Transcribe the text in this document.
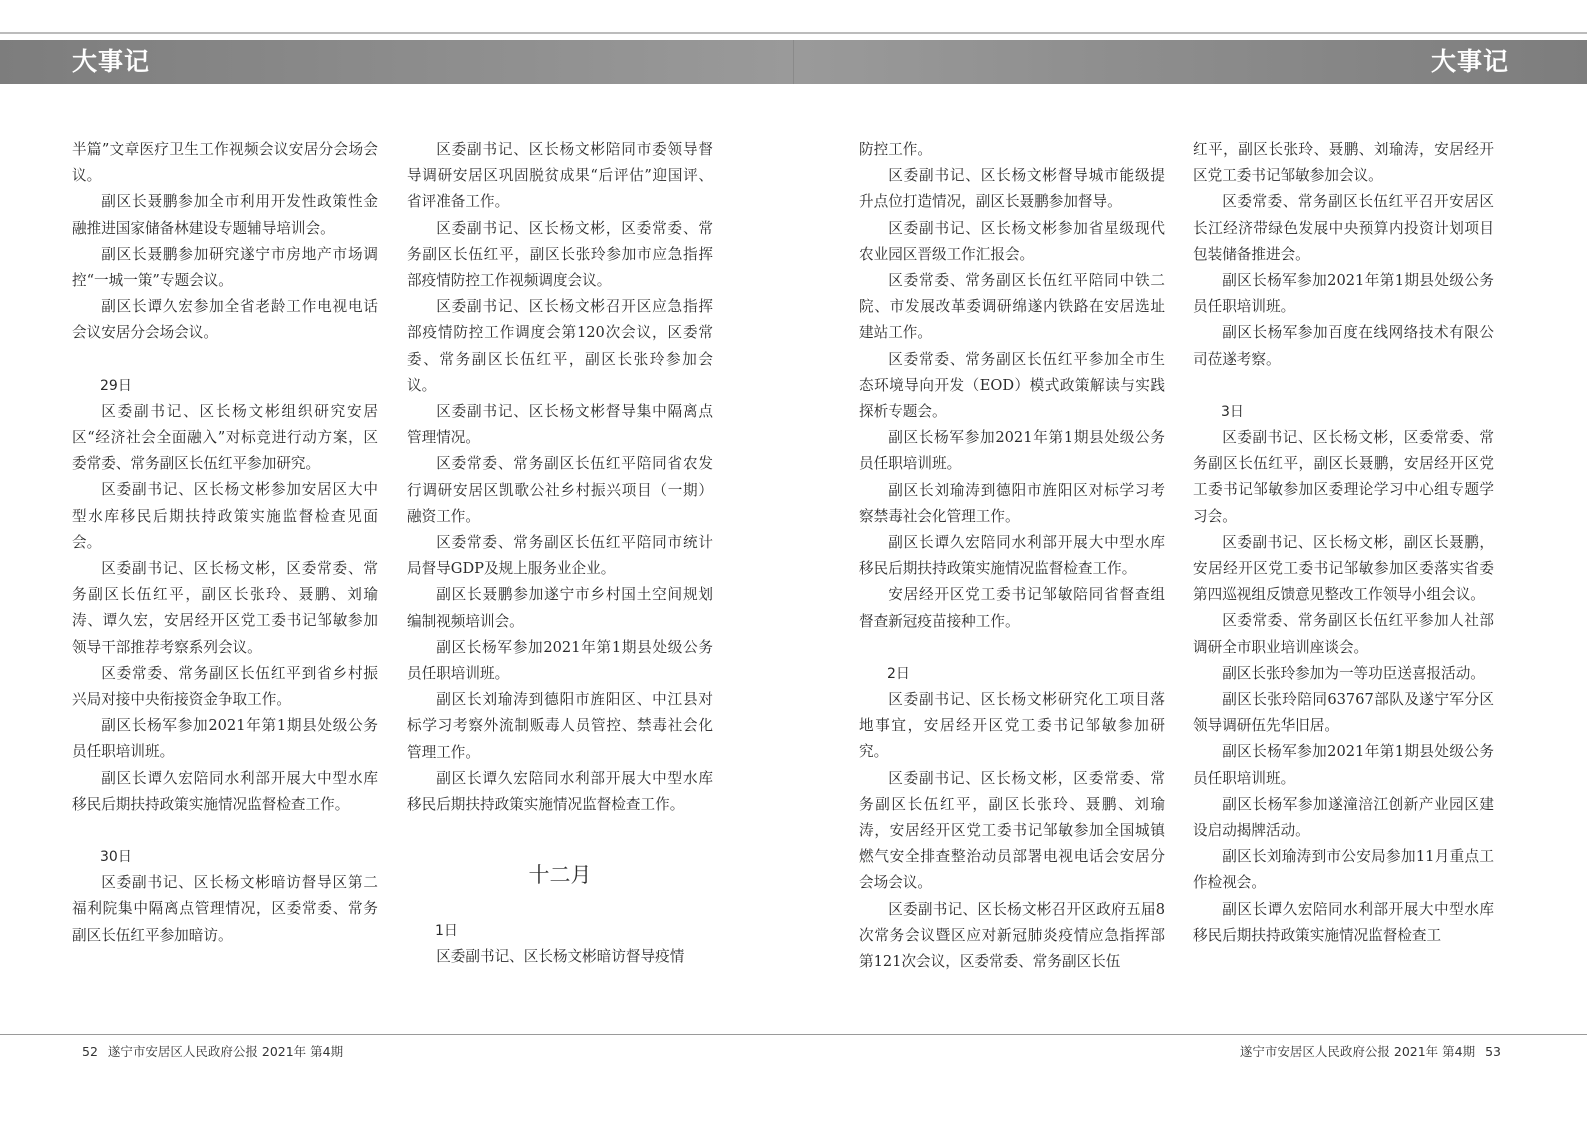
大事记	大事记

半篇”文章医疗卫生工作视频会议安居分会场会议。

副区长聂鹏参加全市利用开发性政策性金融推进国家储备林建设专题辅导培训会。

副区长聂鹏参加研究遂宁市房地产市场调控“一城一策”专题会议。

副区长谭久宏参加全省老龄工作电视电话会议安居分会场会议。

29日

区委副书记、区长杨文彬组织研究安居区“经济社会全面融入”对标竞进行动方案，区委常委、常务副区长伍红平参加研究。

区委副书记、区长杨文彬参加安居区大中型水库移民后期扶持政策实施监督检查见面会。

区委副书记、区长杨文彬，区委常委、常务副区长伍红平，副区长张玲、聂鹏、刘瑜涛、谭久宏，安居经开区党工委书记邹敏参加领导干部推荐考察系列会议。

区委常委、常务副区长伍红平到省乡村振兴局对接中央衔接资金争取工作。

副区长杨军参加2021年第1期县处级公务员任职培训班。

副区长谭久宏陪同水利部开展大中型水库移民后期扶持政策实施情况监督检查工作。

30日

区委副书记、区长杨文彬暗访督导区第二福利院集中隔离点管理情况，区委常委、常务副区长伍红平参加暗访。

区委副书记、区长杨文彬陪同市委领导督导调研安居区巩固脱贫成果“后评估”迎国评、省评准备工作。

区委副书记、区长杨文彬，区委常委、常务副区长伍红平，副区长张玲参加市应急指挥部疫情防控工作视频调度会议。

区委副书记、区长杨文彬召开区应急指挥部疫情防控工作调度会第120次会议，区委常委、常务副区长伍红平，副区长张玲参加会议。

区委副书记、区长杨文彬督导集中隔离点管理情况。

区委常委、常务副区长伍红平陪同省农发行调研安居区凯歌公社乡村振兴项目（一期）融资工作。

区委常委、常务副区长伍红平陪同市统计局督导GDP及规上服务业企业。

副区长聂鹏参加遂宁市乡村国土空间规划编制视频培训会。

副区长杨军参加2021年第1期县处级公务员任职培训班。

副区长刘瑜涛到德阳市旌阳区、中江县对标学习考察外流制贩毒人员管控、禁毒社会化管理工作。

副区长谭久宏陪同水利部开展大中型水库移民后期扶持政策实施情况监督检查工作。

十二月

1日

区委副书记、区长杨文彬暗访督导疫情

防控工作。

区委副书记、区长杨文彬督导城市能级提升点位打造情况，副区长聂鹏参加督导。

区委副书记、区长杨文彬参加省星级现代农业园区晋级工作汇报会。

区委常委、常务副区长伍红平陪同中铁二院、市发展改革委调研绵遂内铁路在安居选址建站工作。

区委常委、常务副区长伍红平参加全市生态环境导向开发（EOD）模式政策解读与实践探析专题会。

副区长杨军参加2021年第1期县处级公务员任职培训班。

副区长刘瑜涛到德阳市旌阳区对标学习考察禁毒社会化管理工作。

副区长谭久宏陪同水利部开展大中型水库移民后期扶持政策实施情况监督检查工作。

安居经开区党工委书记邹敏陪同省督查组督查新冠疫苗接种工作。

2日

区委副书记、区长杨文彬研究化工项目落地事宜，安居经开区党工委书记邹敏参加研究。

区委副书记、区长杨文彬，区委常委、常务副区长伍红平，副区长张玲、聂鹏、刘瑜涛，安居经开区党工委书记邹敏参加全国城镇燃气安全排查整治动员部署电视电话会安居分会场会议。

区委副书记、区长杨文彬召开区政府五届8次常务会议暨区应对新冠肺炎疫情应急指挥部第121次会议，区委常委、常务副区长伍

红平，副区长张玲、聂鹏、刘瑜涛，安居经开区党工委书记邹敏参加会议。

区委常委、常务副区长伍红平召开安居区长江经济带绿色发展中央预算内投资计划项目包装储备推进会。

副区长杨军参加2021年第1期县处级公务员任职培训班。

副区长杨军参加百度在线网络技术有限公司莅遂考察。

3日

区委副书记、区长杨文彬，区委常委、常务副区长伍红平，副区长聂鹏，安居经开区党工委书记邹敏参加区委理论学习中心组专题学习会。

区委副书记、区长杨文彬，副区长聂鹏，安居经开区党工委书记邹敏参加区委落实省委第四巡视组反馈意见整改工作领导小组会议。

区委常委、常务副区长伍红平参加人社部调研全市职业培训座谈会。

副区长张玲参加为一等功臣送喜报活动。

副区长张玲陪同63767部队及遂宁军分区领导调研伍先华旧居。

副区长杨军参加2021年第1期县处级公务员任职培训班。

副区长杨军参加遂潼涪江创新产业园区建设启动揭牌活动。

副区长刘瑜涛到市公安局参加11月重点工作检视会。

副区长谭久宏陪同水利部开展大中型水库移民后期扶持政策实施情况监督检查工

52 遂宁市安居区人民政府公报 2021年 第4期	遂宁市安居区人民政府公报 2021年 第4期 53
